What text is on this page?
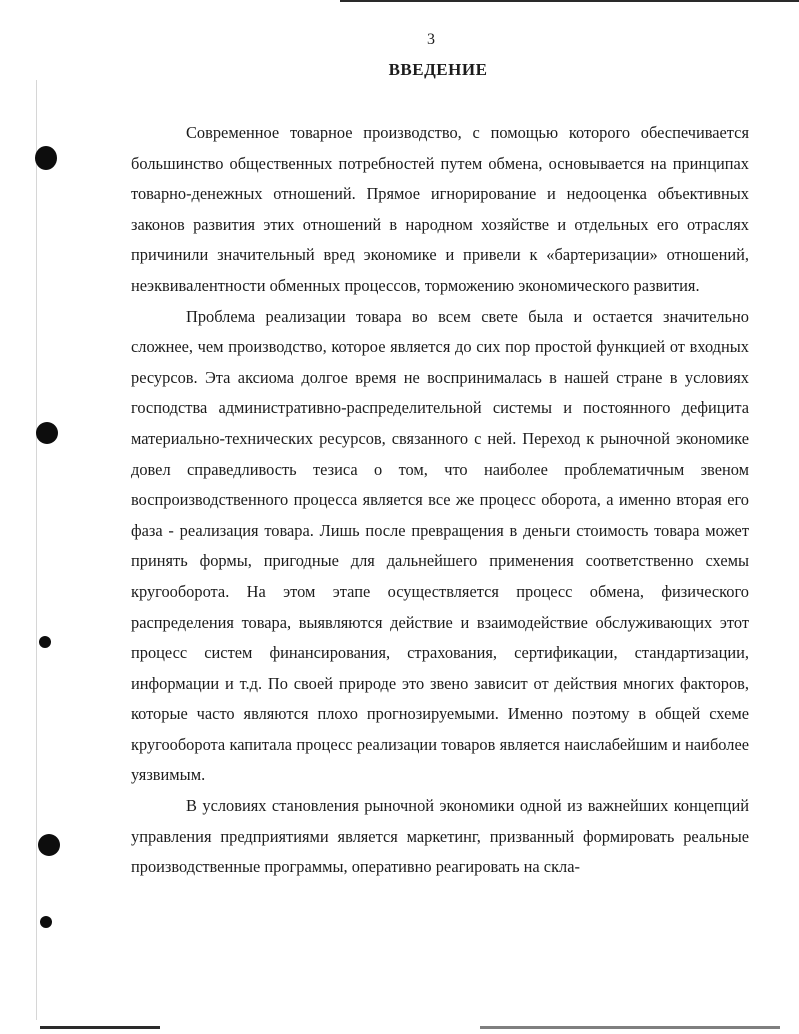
3
ВВЕДЕНИЕ

Современное товарное производство, с помощью которого обеспечивается большинство общественных потребностей путем обмена, основывается на принципах товарно-денежных отношений. Прямое игнорирование и недооценка объективных законов развития этих отношений в народном хозяйстве и отдельных его отраслях причинили значительный вред экономике и привели к «бартеризации» отношений, неэквивалентности обменных процессов, торможению экономического развития.

Проблема реализации товара во всем свете была и остается значительно сложнее, чем производство, которое является до сих пор простой функцией от входных ресурсов. Эта аксиома долгое время не воспринималась в нашей стране в условиях господства административно-распределительной системы и постоянного дефицита материально-технических ресурсов, связанного с ней. Переход к рыночной экономике довел справедливость тезиса о том, что наиболее проблематичным звеном воспроизводственного процесса является все же процесс оборота, а именно вторая его фаза - реализация товара. Лишь после превращения в деньги стоимость товара может принять формы, пригодные для дальнейшего применения соответственно схемы кругооборота. На этом этапе осуществляется процесс обмена, физического распределения товара, выявляются действие и взаимодействие обслуживающих этот процесс систем финансирования, страхования, сертификации, стандартизации, информации и т.д. По своей природе это звено зависит от действия многих факторов, которые часто являются плохо прогнозируемыми. Именно поэтому в общей схеме кругооборота капитала процесс реализации товаров является наислабейшим и наиболее уязвимым.

В условиях становления рыночной экономики одной из важнейших концепций управления предприятиями является маркетинг, призванный формировать реальные производственные программы, оперативно реагировать на скла-
